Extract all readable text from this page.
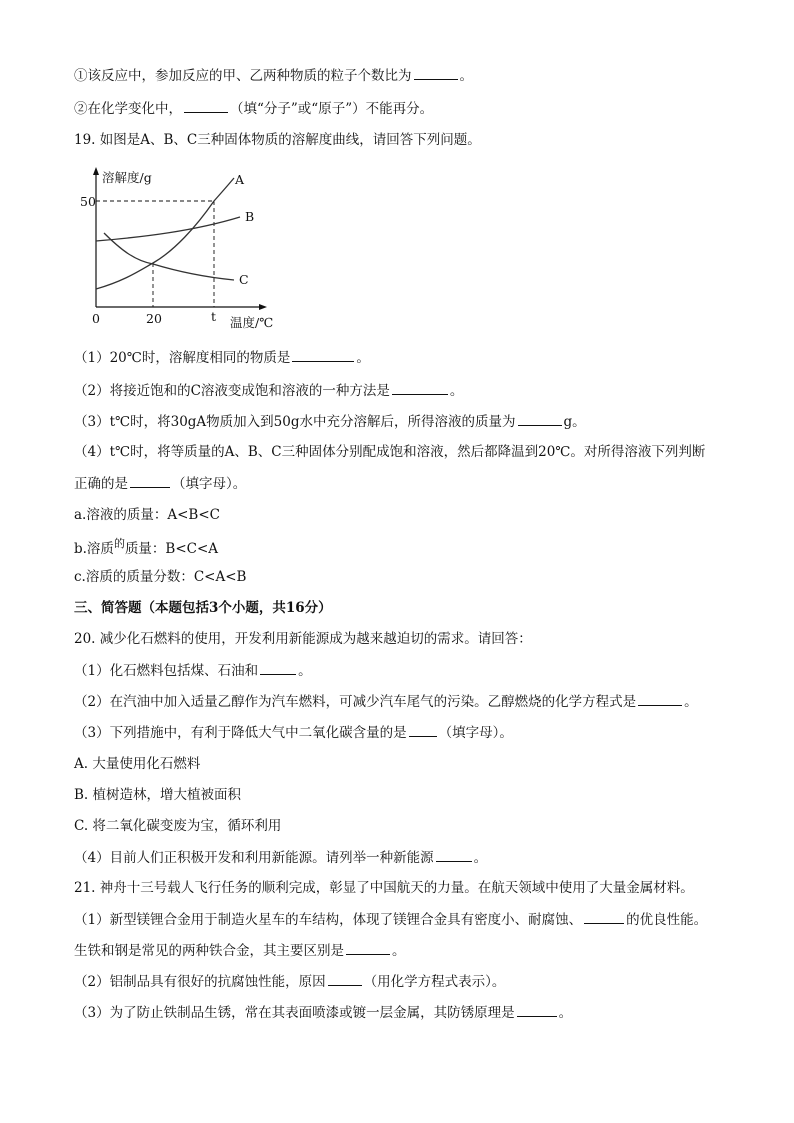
①该反应中，参加反应的甲、乙两种物质的粒子个数比为	。
②在化学变化中，	（填“分子”或“原子”）不能再分。
19. 如图是A、B、C三种固体物质的溶解度曲线，请回答下列问题。
溶解度/g
50
0	20	t 温度/℃
A
B
C
（1）20℃时，溶解度相同的物质是	。
（2）将接近饱和的C溶液变成饱和溶液的一种方法是	。
（3）t℃时，将30gA物质加入到50g水中充分溶解后，所得溶液的质量为	g。
（4）t℃时，将等质量的A、B、C三种固体分别配成饱和溶液，然后都降温到20℃。对所得溶液下列判断
正确的是	（填字母）。
a.溶液的质量：A<B<C
b.溶质$^的$质量：B<C<A
c.溶质的质量分数：C<A<B
三、简答题（本题包括3个小题，共16分）
20. 减少化石燃料的使用，开发利用新能源成为越来越迫切的需求。请回答：
（1）化石燃料包括煤、石油和	。
（2）在汽油中加入适量乙醇作为汽车燃料，可减少汽车尾气的污染。乙醇燃烧的化学方程式是	。
（3）下列措施中，有利于降低大气中二氧化碳含量的是 （填字母）。
A. 大量使用化石燃料
B. 植树造林，增大植被面积
C. 将二氧化碳变废为宝，循环利用
（4）目前人们正积极开发和利用新能源。请列举一种新能源	。
21. 神舟十三号载人飞行任务的顺利完成，彰显了中国航天的力量。在航天领域中使用了大量金属材料。
（1）新型镁锂合金用于制造火星车的车结构，体现了镁锂合金具有密度小、耐腐蚀、	的优良性能。
生铁和钢是常见的两种铁合金，其主要区别是	。
（2）铝制品具有很好的抗腐蚀性能，原因	（用化学方程式表示）。
（3）为了防止铁制品生锈，常在其表面喷漆或镀一层金属，其防锈原理是	。
